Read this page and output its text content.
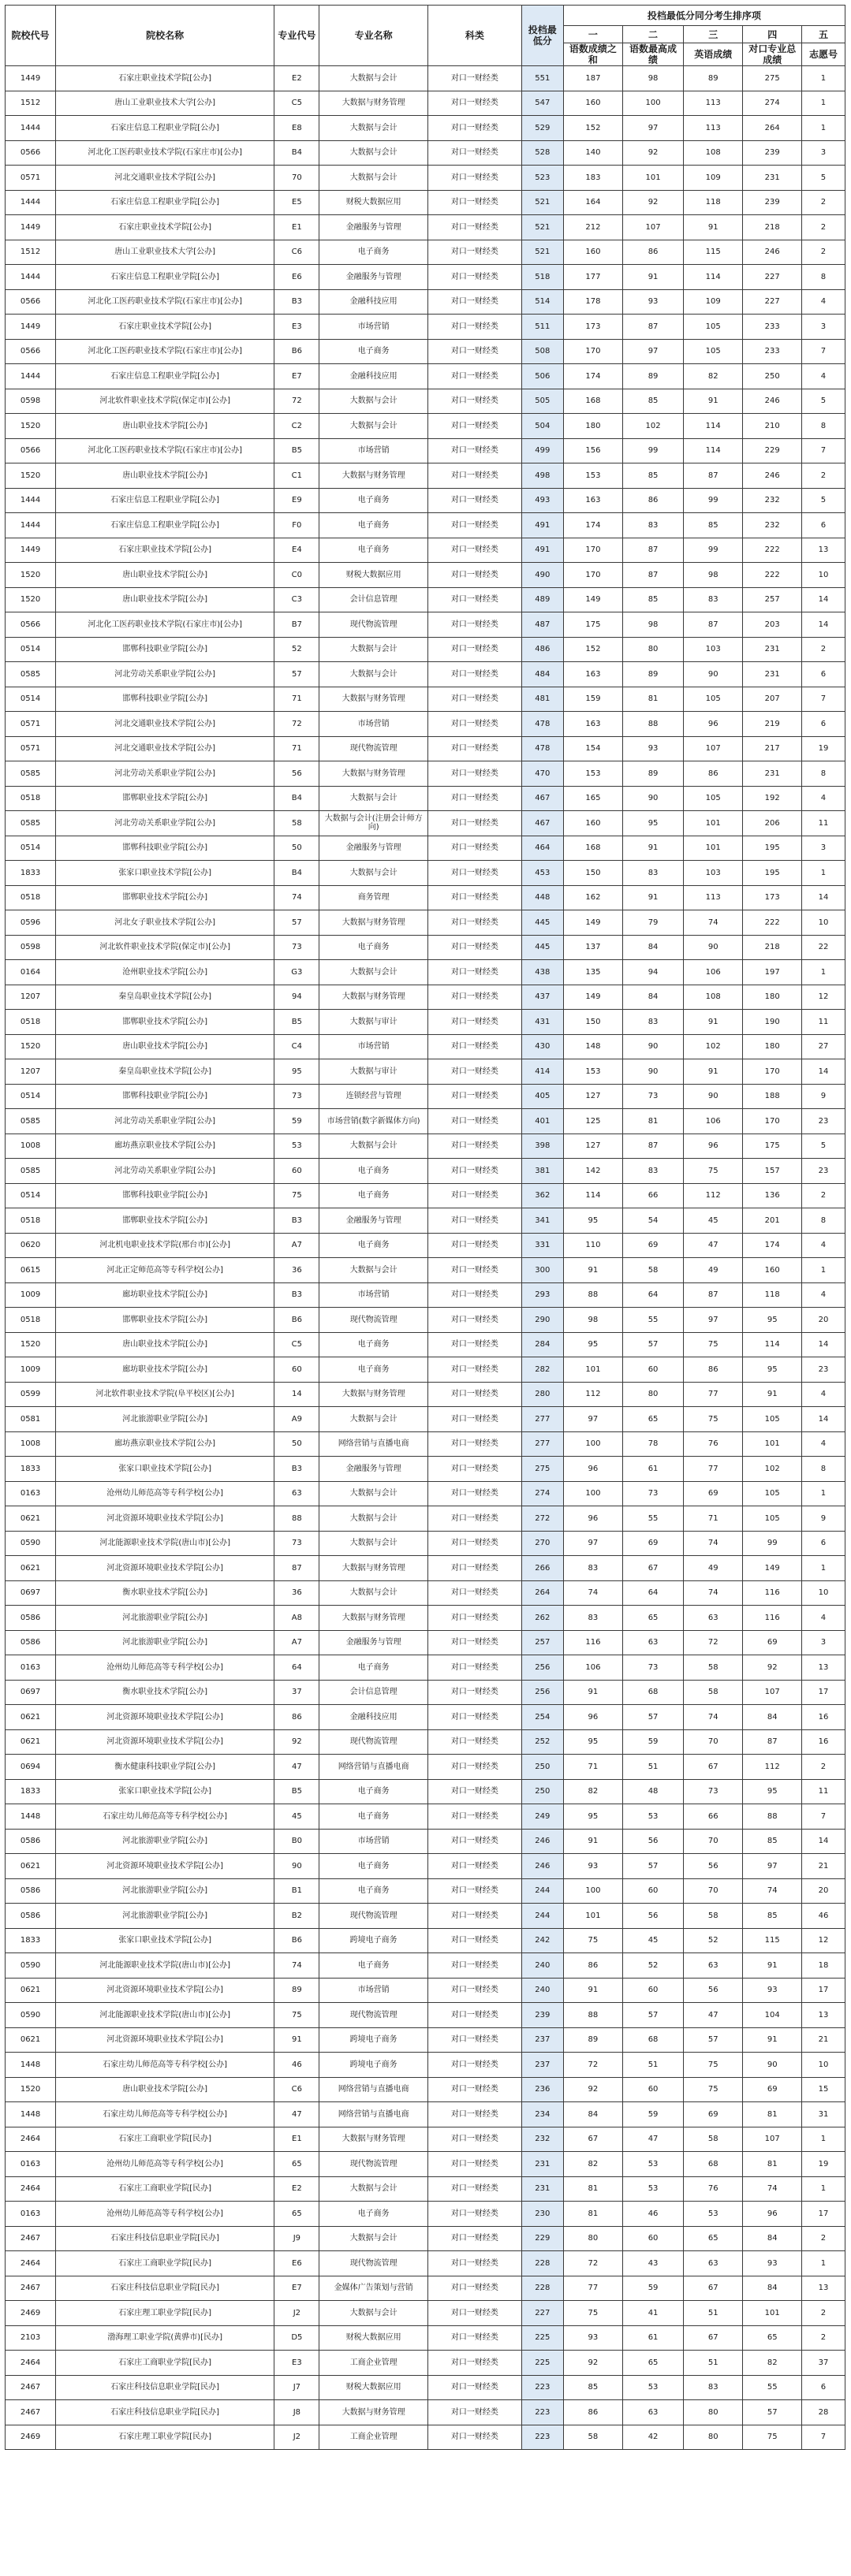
院校代号	院校名称	专业代号	专业名称	科类	投档最低分	投档最低分同分考生排序项				
						一	二	三	四	五
						语数成绩之和	语数最高成绩	英语成绩	对口专业总成绩	志愿号
1449	石家庄职业技术学院[公办]	E2	大数据与会计	对口一财经类	551	187	98	89	275	1
1512	唐山工业职业技术大学[公办]	C5	大数据与财务管理	对口一财经类	547	160	100	113	274	1
1444	石家庄信息工程职业学院[公办]	E8	大数据与会计	对口一财经类	529	152	97	113	264	1
0566	河北化工医药职业技术学院(石家庄市)[公办]	B4	大数据与会计	对口一财经类	528	140	92	108	239	3
0571	河北交通职业技术学院[公办]	70	大数据与会计	对口一财经类	523	183	101	109	231	5
1444	石家庄信息工程职业学院[公办]	E5	财税大数据应用	对口一财经类	521	164	92	118	239	2
1449	石家庄职业技术学院[公办]	E1	金融服务与管理	对口一财经类	521	212	107	91	218	2
1512	唐山工业职业技术大学[公办]	C6	电子商务	对口一财经类	521	160	86	115	246	2
1444	石家庄信息工程职业学院[公办]	E6	金融服务与管理	对口一财经类	518	177	91	114	227	8
0566	河北化工医药职业技术学院(石家庄市)[公办]	B3	金融科技应用	对口一财经类	514	178	93	109	227	4
1449	石家庄职业技术学院[公办]	E3	市场营销	对口一财经类	511	173	87	105	233	3
0566	河北化工医药职业技术学院(石家庄市)[公办]	B6	电子商务	对口一财经类	508	170	97	105	233	7
1444	石家庄信息工程职业学院[公办]	E7	金融科技应用	对口一财经类	506	174	89	82	250	4
0598	河北软件职业技术学院(保定市)[公办]	72	大数据与会计	对口一财经类	505	168	85	91	246	5
1520	唐山职业技术学院[公办]	C2	大数据与会计	对口一财经类	504	180	102	114	210	8
0566	河北化工医药职业技术学院(石家庄市)[公办]	B5	市场营销	对口一财经类	499	156	99	114	229	7
1520	唐山职业技术学院[公办]	C1	大数据与财务管理	对口一财经类	498	153	85	87	246	2
1444	石家庄信息工程职业学院[公办]	E9	电子商务	对口一财经类	493	163	86	99	232	5
1444	石家庄信息工程职业学院[公办]	F0	电子商务	对口一财经类	491	174	83	85	232	6
1449	石家庄职业技术学院[公办]	E4	电子商务	对口一财经类	491	170	87	99	222	13
1520	唐山职业技术学院[公办]	C0	财税大数据应用	对口一财经类	490	170	87	98	222	10
1520	唐山职业技术学院[公办]	C3	会计信息管理	对口一财经类	489	149	85	83	257	14
0566	河北化工医药职业技术学院(石家庄市)[公办]	B7	现代物流管理	对口一财经类	487	175	98	87	203	14
0514	邯郸科技职业学院[公办]	52	大数据与会计	对口一财经类	486	152	80	103	231	2
0585	河北劳动关系职业学院[公办]	57	大数据与会计	对口一财经类	484	163	89	90	231	6
0514	邯郸科技职业学院[公办]	71	大数据与财务管理	对口一财经类	481	159	81	105	207	7
0571	河北交通职业技术学院[公办]	72	市场营销	对口一财经类	478	163	88	96	219	6
0571	河北交通职业技术学院[公办]	71	现代物流管理	对口一财经类	478	154	93	107	217	19
0585	河北劳动关系职业学院[公办]	56	大数据与财务管理	对口一财经类	470	153	89	86	231	8
0518	邯郸职业技术学院[公办]	B4	大数据与会计	对口一财经类	467	165	90	105	192	4
0585	河北劳动关系职业学院[公办]	58	大数据与会计(注册会计师方向)	对口一财经类	467	160	95	101	206	11
0514	邯郸科技职业学院[公办]	50	金融服务与管理	对口一财经类	464	168	91	101	195	3
1833	张家口职业技术学院[公办]	B4	大数据与会计	对口一财经类	453	150	83	103	195	1
0518	邯郸职业技术学院[公办]	74	商务管理	对口一财经类	448	162	91	113	173	14
0596	河北女子职业技术学院[公办]	57	大数据与财务管理	对口一财经类	445	149	79	74	222	10
0598	河北软件职业技术学院(保定市)[公办]	73	电子商务	对口一财经类	445	137	84	90	218	22
0164	沧州职业技术学院[公办]	G3	大数据与会计	对口一财经类	438	135	94	106	197	1
1207	秦皇岛职业技术学院[公办]	94	大数据与财务管理	对口一财经类	437	149	84	108	180	12
0518	邯郸职业技术学院[公办]	B5	大数据与审计	对口一财经类	431	150	83	91	190	11
1520	唐山职业技术学院[公办]	C4	市场营销	对口一财经类	430	148	90	102	180	27
1207	秦皇岛职业技术学院[公办]	95	大数据与审计	对口一财经类	414	153	90	91	170	14
0514	邯郸科技职业学院[公办]	73	连锁经营与管理	对口一财经类	405	127	73	90	188	9
0585	河北劳动关系职业学院[公办]	59	市场营销(数字新媒体方向)	对口一财经类	401	125	81	106	170	23
1008	廊坊燕京职业技术学院[公办]	53	大数据与会计	对口一财经类	398	127	87	96	175	5
0585	河北劳动关系职业学院[公办]	60	电子商务	对口一财经类	381	142	83	75	157	23
0514	邯郸科技职业学院[公办]	75	电子商务	对口一财经类	362	114	66	112	136	2
0518	邯郸职业技术学院[公办]	B3	金融服务与管理	对口一财经类	341	95	54	45	201	8
0620	河北机电职业技术学院(邢台市)[公办]	A7	电子商务	对口一财经类	331	110	69	47	174	4
0615	河北正定师范高等专科学校[公办]	36	大数据与会计	对口一财经类	300	91	58	49	160	1
1009	廊坊职业技术学院[公办]	B3	市场营销	对口一财经类	293	88	64	87	118	4
0518	邯郸职业技术学院[公办]	B6	现代物流管理	对口一财经类	290	98	55	97	95	20
1520	唐山职业技术学院[公办]	C5	电子商务	对口一财经类	284	95	57	75	114	14
1009	廊坊职业技术学院[公办]	60	电子商务	对口一财经类	282	101	60	86	95	23
0599	河北软件职业技术学院(阜平校区)[公办]	14	大数据与财务管理	对口一财经类	280	112	80	77	91	4
0581	河北旅游职业学院[公办]	A9	大数据与会计	对口一财经类	277	97	65	75	105	14
1008	廊坊燕京职业技术学院[公办]	50	网络营销与直播电商	对口一财经类	277	100	78	76	101	4
1833	张家口职业技术学院[公办]	B3	金融服务与管理	对口一财经类	275	96	61	77	102	8
0163	沧州幼儿师范高等专科学校[公办]	63	大数据与会计	对口一财经类	274	100	73	69	105	1
0621	河北资源环境职业技术学院[公办]	88	大数据与会计	对口一财经类	272	96	55	71	105	9
0590	河北能源职业技术学院(唐山市)[公办]	73	大数据与会计	对口一财经类	270	97	69	74	99	6
0621	河北资源环境职业技术学院[公办]	87	大数据与财务管理	对口一财经类	266	83	67	49	149	1
0697	衡水职业技术学院[公办]	36	大数据与会计	对口一财经类	264	74	64	74	116	10
0586	河北旅游职业学院[公办]	A8	大数据与财务管理	对口一财经类	262	83	65	63	116	4
0586	河北旅游职业学院[公办]	A7	金融服务与管理	对口一财经类	257	116	63	72	69	3
0163	沧州幼儿师范高等专科学校[公办]	64	电子商务	对口一财经类	256	106	73	58	92	13
0697	衡水职业技术学院[公办]	37	会计信息管理	对口一财经类	256	91	68	58	107	17
0621	河北资源环境职业技术学院[公办]	86	金融科技应用	对口一财经类	254	96	57	74	84	16
0621	河北资源环境职业技术学院[公办]	92	现代物流管理	对口一财经类	252	95	59	70	87	16
0694	衡水健康科技职业学院[公办]	47	网络营销与直播电商	对口一财经类	250	71	51	67	112	2
1833	张家口职业技术学院[公办]	B5	电子商务	对口一财经类	250	82	48	73	95	11
1448	石家庄幼儿师范高等专科学校[公办]	45	电子商务	对口一财经类	249	95	53	66	88	7
0586	河北旅游职业学院[公办]	B0	市场营销	对口一财经类	246	91	56	70	85	14
0621	河北资源环境职业技术学院[公办]	90	电子商务	对口一财经类	246	93	57	56	97	21
0586	河北旅游职业学院[公办]	B1	电子商务	对口一财经类	244	100	60	70	74	20
0586	河北旅游职业学院[公办]	B2	现代物流管理	对口一财经类	244	101	56	58	85	46
1833	张家口职业技术学院[公办]	B6	跨境电子商务	对口一财经类	242	75	45	52	115	12
0590	河北能源职业技术学院(唐山市)[公办]	74	电子商务	对口一财经类	240	86	52	63	91	18
0621	河北资源环境职业技术学院[公办]	89	市场营销	对口一财经类	240	91	60	56	93	17
0590	河北能源职业技术学院(唐山市)[公办]	75	现代物流管理	对口一财经类	239	88	57	47	104	13
0621	河北资源环境职业技术学院[公办]	91	跨境电子商务	对口一财经类	237	89	68	57	91	21
1448	石家庄幼儿师范高等专科学校[公办]	46	跨境电子商务	对口一财经类	237	72	51	75	90	10
1520	唐山职业技术学院[公办]	C6	网络营销与直播电商	对口一财经类	236	92	60	75	69	15
1448	石家庄幼儿师范高等专科学校[公办]	47	网络营销与直播电商	对口一财经类	234	84	59	69	81	31
2464	石家庄工商职业学院[民办]	E1	大数据与财务管理	对口一财经类	232	67	47	58	107	1
0163	沧州幼儿师范高等专科学校[公办]	65	现代物流管理	对口一财经类	231	82	53	68	81	19
2464	石家庄工商职业学院[民办]	E2	大数据与会计	对口一财经类	231	81	53	76	74	1
0163	沧州幼儿师范高等专科学校[公办]	65	电子商务	对口一财经类	230	81	46	53	96	17
2467	石家庄科技信息职业学院[民办]	J9	大数据与会计	对口一财经类	229	80	60	65	84	2
2464	石家庄工商职业学院[民办]	E6	现代物流管理	对口一财经类	228	72	43	63	93	1
2467	石家庄科技信息职业学院[民办]	E7	金媒体广告策划与营销	对口一财经类	228	77	59	67	84	13
2469	石家庄理工职业学院[民办]	J2	大数据与会计	对口一财经类	227	75	41	51	101	2
2103	渤海理工职业学院(黄骅市)[民办]	D5	财税大数据应用	对口一财经类	225	93	61	67	65	2
2464	石家庄工商职业学院[民办]	E3	工商企业管理	对口一财经类	225	92	65	51	82	37
2467	石家庄科技信息职业学院[民办]	J7	财税大数据应用	对口一财经类	223	85	53	83	55	6
2467	石家庄科技信息职业学院[民办]	J8	大数据与财务管理	对口一财经类	223	86	63	80	57	28
2469	石家庄理工职业学院[民办]	J2	工商企业管理	对口一财经类	223	58	42	80	75	7
